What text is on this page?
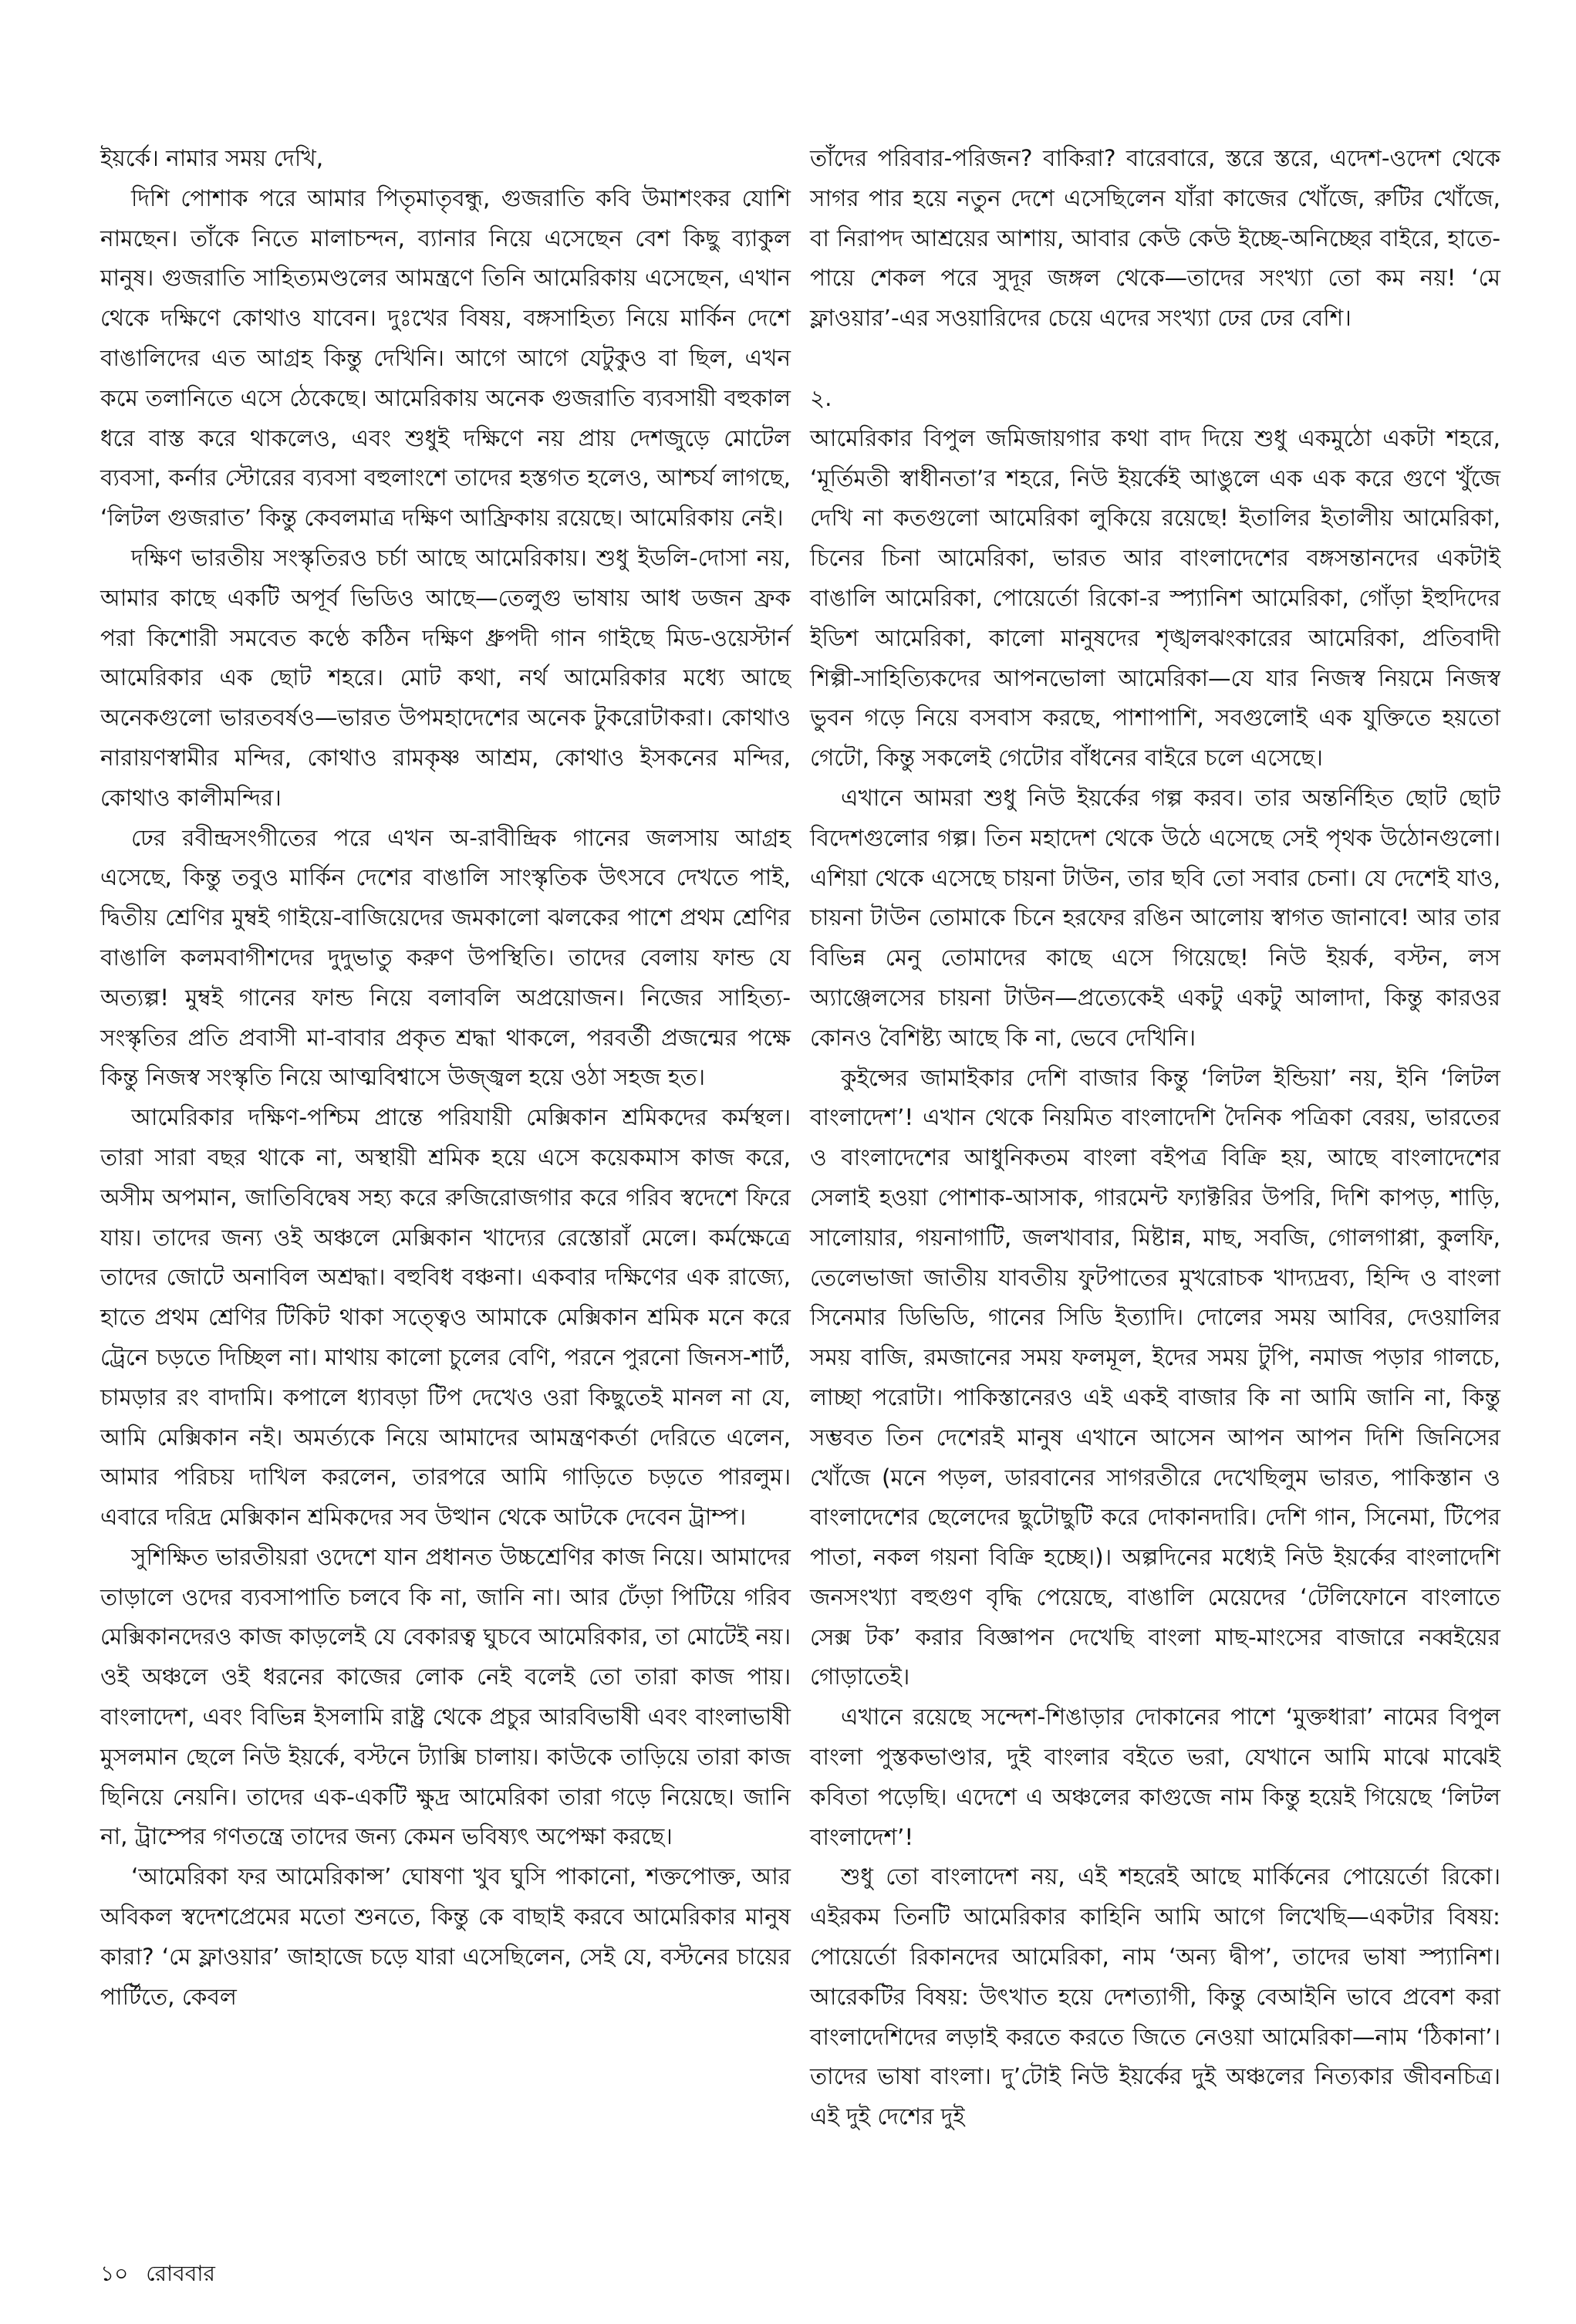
ইয়র্কে। নামার সময় দেখি,

দিশি পোশাক পরে আমার পিতৃমাতৃবন্ধু, গুজরাতি কবি উমাশংকর যোশি নামছেন। তাঁকে নিতে মালাচন্দন, ব্যানার নিয়ে এসেছেন বেশ কিছু ব্যাকুল মানুষ। গুজরাতি সাহিত্যমণ্ডলের আমন্ত্রণে তিনি আমেরিকায় এসেছেন, এখান থেকে দক্ষিণে কোথাও যাবেন। দুঃখের বিষয়, বঙ্গসাহিত্য নিয়ে মার্কিন দেশে বাঙালিদের এত আগ্রহ কিন্তু দেখিনি। আগে আগে যেটুকুও বা ছিল, এখন কমে তলানিতে এসে ঠেকেছে। আমেরিকায় অনেক গুজরাতি ব্যবসায়ী বহুকাল ধরে বাস্ত করে থাকলেও, এবং শুধুই দক্ষিণে নয় প্রায় দেশজুড়ে মোটেল ব্যবসা, কর্নার স্টোরের ব্যবসা বহুলাংশে তাদের হস্তগত হলেও, আশ্চর্য লাগছে, ‘লিটল গুজরাত’ কিন্তু কেবলমাত্র দক্ষিণ আফ্রিকায় রয়েছে। আমেরিকায় নেই।

দক্ষিণ ভারতীয় সংস্কৃতিরও চর্চা আছে আমেরিকায়। শুধু ইডলি-দোসা নয়, আমার কাছে একটি অপূর্ব ভিডিও আছে—তেলুগু ভাষায় আধ ডজন ফ্রক পরা কিশোরী সমবেত কণ্ঠে কঠিন দক্ষিণ ধ্রুপদী গান গাইছে মিড-ওয়েস্টার্ন আমেরিকার এক ছোট শহরে। মোট কথা, নর্থ আমেরিকার মধ্যে আছে অনেকগুলো ভারতবর্ষও—ভারত উপমহাদেশের অনেক টুকরোটাকরা। কোথাও নারায়ণস্বামীর মন্দির, কোথাও রামকৃষ্ণ আশ্রম, কোথাও ইসকনের মন্দির, কোথাও কালীমন্দির।

ঢের রবীন্দ্রসংগীতের পরে এখন অ-রাবীন্দ্রিক গানের জলসায় আগ্রহ এসেছে, কিন্তু তবুও মার্কিন দেশের বাঙালি সাংস্কৃতিক উৎসবে দেখতে পাই, দ্বিতীয় শ্রেণির মুম্বই গাইয়ে-বাজিয়েদের জমকালো ঝলকের পাশে প্রথম শ্রেণির বাঙালি কলমবাগীশদের দুদুভাতু করুণ উপস্থিতি। তাদের বেলায় ফান্ড যে অত্যল্প! মুম্বই গানের ফান্ড নিয়ে বলাবলি অপ্রয়োজন। নিজের সাহিত্য-সংস্কৃতির প্রতি প্রবাসী মা-বাবার প্রকৃত শ্রদ্ধা থাকলে, পরবর্তী প্রজন্মের পক্ষে কিন্তু নিজস্ব সংস্কৃতি নিয়ে আত্মবিশ্বাসে উজ্জ্বল হয়ে ওঠা সহজ হত।

আমেরিকার দক্ষিণ-পশ্চিম প্রান্তে পরিযায়ী মেক্সিকান শ্রমিকদের কর্মস্থল। তারা সারা বছর থাকে না, অস্থায়ী শ্রমিক হয়ে এসে কয়েকমাস কাজ করে, অসীম অপমান, জাতিবিদ্বেষ সহ্য করে রুজিরোজগার করে গরিব স্বদেশে ফিরে যায়। তাদের জন্য ওই অঞ্চলে মেক্সিকান খাদ্যের রেস্তোরাঁ মেলে। কর্মক্ষেত্রে তাদের জোটে অনাবিল অশ্রদ্ধা। বহুবিধ বঞ্চনা। একবার দক্ষিণের এক রাজ্যে, হাতে প্রথম শ্রেণির টিকিট থাকা সত্ত্বেও আমাকে মেক্সিকান শ্রমিক মনে করে ট্রেনে চড়তে দিচ্ছিল না। মাথায় কালো চুলের বেণি, পরনে পুরনো জিনস-শার্ট, চামড়ার রং বাদামি। কপালে ধ্যাবড়া টিপ দেখেও ওরা কিছুতেই মানল না যে, আমি মেক্সিকান নই। অমর্ত্যকে নিয়ে আমাদের আমন্ত্রণকর্তা দেরিতে এলেন, আমার পরিচয় দাখিল করলেন, তারপরে আমি গাড়িতে চড়তে পারলুম। এবারে দরিদ্র মেক্সিকান শ্রমিকদের সব উত্থান থেকে আটকে দেবেন ট্রাম্প।

সুশিক্ষিত ভারতীয়রা ওদেশে যান প্রধানত উচ্চশ্রেণির কাজ নিয়ে। আমাদের তাড়ালে ওদের ব্যবসাপাতি চলবে কি না, জানি না। আর ঢেঁড়া পিটিয়ে গরিব মেক্সিকানদেরও কাজ কাড়লেই যে বেকারত্ব ঘুচবে আমেরিকার, তা মোটেই নয়। ওই অঞ্চলে ওই ধরনের কাজের লোক নেই বলেই তো তারা কাজ পায়। বাংলাদেশ, এবং বিভিন্ন ইসলামি রাষ্ট্র থেকে প্রচুর আরবিভাষী এবং বাংলাভাষী মুসলমান ছেলে নিউ ইয়র্কে, বস্টনে ট্যাক্সি চালায়। কাউকে তাড়িয়ে তারা কাজ ছিনিয়ে নেয়নি। তাদের এক-একটি ক্ষুদ্র আমেরিকা তারা গড়ে নিয়েছে। জানি না, ট্রাম্পের গণতন্ত্রে তাদের জন্য কেমন ভবিষ্যৎ অপেক্ষা করছে।

‘আমেরিকা ফর আমেরিকান্স’ ঘোষণা খুব ঘুসি পাকানো, শক্তপোক্ত, আর অবিকল স্বদেশপ্রেমের মতো শুনতে, কিন্তু কে বাছাই করবে আমেরিকার মানুষ কারা? ‘মে ফ্লাওয়ার’ জাহাজে চড়ে যারা এসেছিলেন, সেই যে, বস্টনের চায়ের পার্টিতে, কেবল

তাঁদের পরিবার-পরিজন? বাকিরা? বারেবারে, স্তরে স্তরে, এদেশ-ওদেশ থেকে সাগর পার হয়ে নতুন দেশে এসেছিলেন যাঁরা কাজের খোঁজে, রুটির খোঁজে, বা নিরাপদ আশ্রয়ের আশায়, আবার কেউ কেউ ইচ্ছে-অনিচ্ছের বাইরে, হাতে-পায়ে শেকল পরে সুদূর জঙ্গল থেকে—তাদের সংখ্যা তো কম নয়! ‘মে ফ্লাওয়ার’-এর সওয়ারিদের চেয়ে এদের সংখ্যা ঢের ঢের বেশি।

২.

আমেরিকার বিপুল জমিজায়গার কথা বাদ দিয়ে শুধু একমুঠো একটা শহরে, ‘মূর্তিমতী স্বাধীনতা’র শহরে, নিউ ইয়র্কেই আঙুলে এক এক করে গুণে খুঁজে দেখি না কতগুলো আমেরিকা লুকিয়ে রয়েছে! ইতালির ইতালীয় আমেরিকা, চিনের চিনা আমেরিকা, ভারত আর বাংলাদেশের বঙ্গসন্তানদের একটাই বাঙালি আমেরিকা, পোয়ের্তো রিকো-র স্প্যানিশ আমেরিকা, গোঁড়া ইহুদিদের ইডিশ আমেরিকা, কালো মানুষদের শৃঙ্খলঝংকারের আমেরিকা, প্রতিবাদী শিল্পী-সাহিত্যিকদের আপনভোলা আমেরিকা—যে যার নিজস্ব নিয়মে নিজস্ব ভুবন গড়ে নিয়ে বসবাস করছে, পাশাপাশি, সবগুলোই এক যুক্তিতে হয়তো গেটো, কিন্তু সকলেই গেটোর বাঁধনের বাইরে চলে এসেছে।

এখানে আমরা শুধু নিউ ইয়র্কের গল্প করব। তার অন্তর্নিহিত ছোট ছোট বিদেশগুলোর গল্প। তিন মহাদেশ থেকে উঠে এসেছে সেই পৃথক উঠোনগুলো। এশিয়া থেকে এসেছে চায়না টাউন, তার ছবি তো সবার চেনা। যে দেশেই যাও, চায়না টাউন তোমাকে চিনে হরফের রঙিন আলোয় স্বাগত জানাবে! আর তার বিভিন্ন মেনু তোমাদের কাছে এসে গিয়েছে! নিউ ইয়র্ক, বস্টন, লস অ্যাঞ্জেলসের চায়না টাউন—প্রত্যেকেই একটু একটু আলাদা, কিন্তু কারওর কোনও বৈশিষ্ট্য আছে কি না, ভেবে দেখিনি।

কুইন্সের জামাইকার দেশি বাজার কিন্তু ‘লিটল ইন্ডিয়া’ নয়, ইনি ‘লিটল বাংলাদেশ’! এখান থেকে নিয়মিত বাংলাদেশি দৈনিক পত্রিকা বেরয়, ভারতের ও বাংলাদেশের আধুনিকতম বাংলা বইপত্র বিক্রি হয়, আছে বাংলাদেশের সেলাই হওয়া পোশাক-আসাক, গারমেন্ট ফ্যাক্টরির উপরি, দিশি কাপড়, শাড়ি, সালোয়ার, গয়নাগাটি, জলখাবার, মিষ্টান্ন, মাছ, সবজি, গোলগাপ্পা, কুলফি, তেলেভাজা জাতীয় যাবতীয় ফুটপাতের মুখরোচক খাদ্যদ্রব্য, হিন্দি ও বাংলা সিনেমার ডিভিডি, গানের সিডি ইত্যাদি। দোলের সময় আবির, দেওয়ালির সময় বাজি, রমজানের সময় ফলমূল, ইদের সময় টুপি, নমাজ পড়ার গালচে, লাচ্ছা পরোটা। পাকিস্তানেরও এই একই বাজার কি না আমি জানি না, কিন্তু সম্ভবত তিন দেশেরই মানুষ এখানে আসেন আপন আপন দিশি জিনিসের খোঁজে (মনে পড়ল, ডারবানের সাগরতীরে দেখেছিলুম ভারত, পাকিস্তান ও বাংলাদেশের ছেলেদের ছুটোছুটি করে দোকানদারি। দেশি গান, সিনেমা, টিপের পাতা, নকল গয়না বিক্রি হচ্ছে।)। অল্পদিনের মধ্যেই নিউ ইয়র্কের বাংলাদেশি জনসংখ্যা বহুগুণ বৃদ্ধি পেয়েছে, বাঙালি মেয়েদের ‘টেলিফোনে বাংলাতে সেক্স টক’ করার বিজ্ঞাপন দেখেছি বাংলা মাছ-মাংসের বাজারে নব্বইয়ের গোড়াতেই।

এখানে রয়েছে সন্দেশ-শিঙাড়ার দোকানের পাশে ‘মুক্তধারা’ নামের বিপুল বাংলা পুস্তকভাণ্ডার, দুই বাংলার বইতে ভরা, যেখানে আমি মাঝে মাঝেই কবিতা পড়েছি। এদেশে এ অঞ্চলের কাগুজে নাম কিন্তু হয়েই গিয়েছে ‘লিটল বাংলাদেশ’!

শুধু তো বাংলাদেশ নয়, এই শহরেই আছে মার্কিনের পোয়ের্তো রিকো। এইরকম তিনটি আমেরিকার কাহিনি আমি আগে লিখেছি—একটার বিষয়: পোয়ের্তো রিকানদের আমেরিকা, নাম ‘অন্য দ্বীপ’, তাদের ভাষা স্প্যানিশ। আরেকটির বিষয়: উৎখাত হয়ে দেশত্যাগী, কিন্তু বেআইনি ভাবে প্রবেশ করা বাংলাদেশিদের লড়াই করতে করতে জিতে নেওয়া আমেরিকা—নাম ‘ঠিকানা’। তাদের ভাষা বাংলা। দু’টোই নিউ ইয়র্কের দুই অঞ্চলের নিত্যকার জীবনচিত্র। এই দুই দেশের দুই

১০ রোববার
